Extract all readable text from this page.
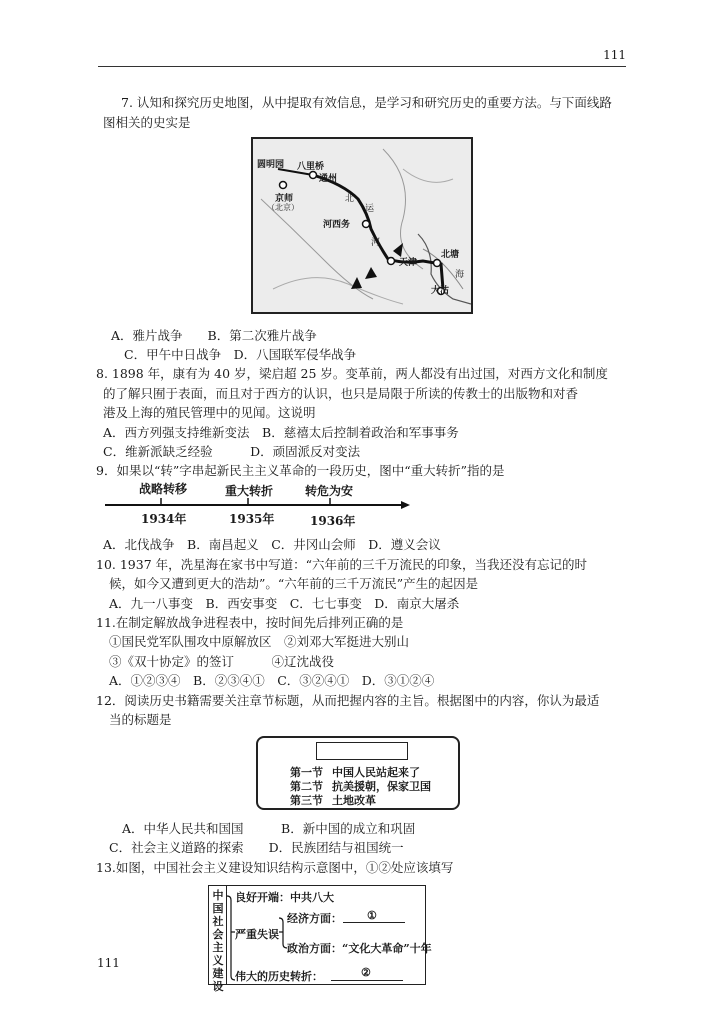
111
7. 认知和探究历史地图，从中提取有效信息，是学习和研究历史的重要方法。与下面线路
图相关的史实是
圆明园 八里桥
通州
京师
（北京）
河西务
天津
北塘
大沽
北
运
河
海
A．雅片战争　　B．第二次雅片战争
C．甲午中日战争　D．八国联军侵华战争
8. 1898 年，康有为 40 岁，梁启超 25 岁。变革前，两人都没有出过国，对西方文化和制度
的了解只囿于表面，而且对于西方的认识，也只是局限于所读的传教士的出版物和对香
港及上海的殖民管理中的见闻。这说明
A．西方列强支持维新变法　B．慈禧太后控制着政治和军事事务
C．维新派缺乏经验　　　D．顽固派反对变法
9．如果以“转”字串起新民主主义革命的一段历史，图中“重大转折”指的是
战略转移	重大转折	转危为安
1934年	1935年	1936年
A．北伐战争　B．南昌起义　C．井冈山会师　D．遵义会议
10. 1937 年，冼星海在家书中写道：“六年前的三千万流民的印象，当我还没有忘记的时
候，如今又遭到更大的浩劫”。“六年前的三千万流民”产生的起因是
A．九一八事变　B．西安事变　C．七七事变　D．南京大屠杀
11.在制定解放战争进程表中，按时间先后排列正确的是
①国民党军队围攻中原解放区　②刘邓大军挺进大别山
③《双十协定》的签订　　　④辽沈战役
A．①②③④　B．②③④①　C．③②④①　D．③①②④
12．阅读历史书籍需要关注章节标题，从而把握内容的主旨。根据图中的内容，你认为最适
当的标题是
第一节 中国人民站起来了
第二节 抗美援朝，保家卫国
第三节 土地改革
A．中华人民共和国国　　　B．新中国的成立和巩固
C．社会主义道路的探索　　D．民族团结与祖国统一
13.如图，中国社会主义建设知识结构示意图中，①②处应该填写
中
国
社
会
主
义
建
设
良好开端：中共八大
严重失误
经济方面： ①
政治方面：“文化大革命”十年
伟大的历史转折：	②
111
